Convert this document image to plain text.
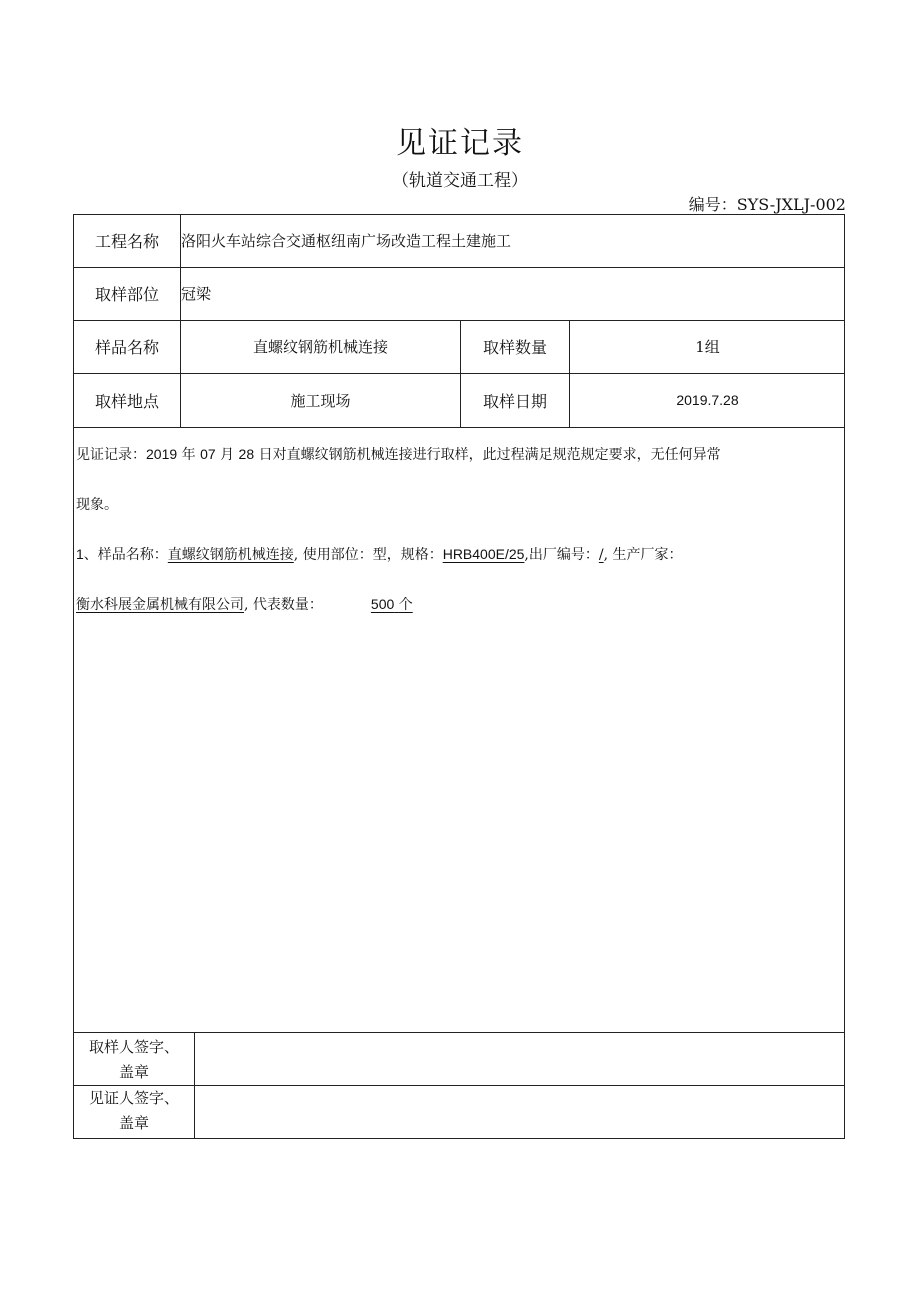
见证记录
（轨道交通工程）
编号：SYS-JXLJ-002
工程名称	洛阳火车站综合交通枢纽南广场改造工程土建施工
取样部位	冠梁
样品名称	直螺纹钢筋机械连接	取样数量	1组
取样地点	施工现场	取样日期	2019.7.28
见证记录：2019 年 07 月 28 日对直螺纹钢筋机械连接进行取样，此过程满足规范规定要求，无任何异常
现象。
1、样品名称：直螺纹钢筋机械连接, 使用部位：型，规格：HRB400E/25,出厂编号：/, 生产厂家：
衡水科展金属机械有限公司, 代表数量：	500 个
取样人签字、
盖章
见证人签字、
盖章
